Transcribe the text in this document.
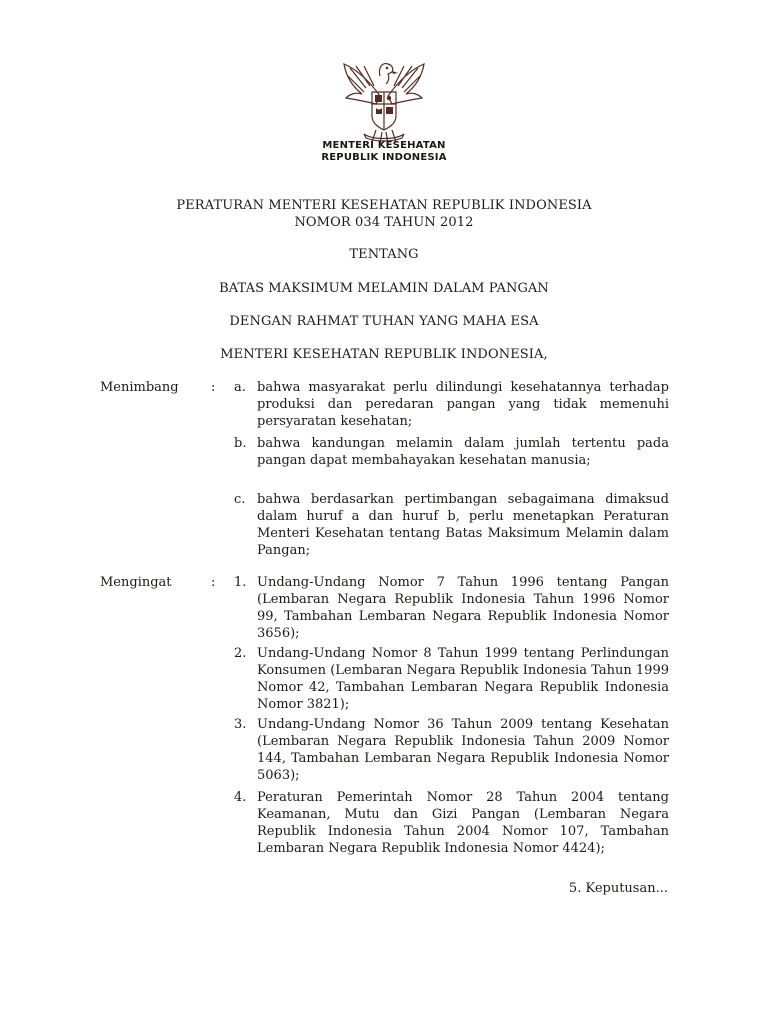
MENTERI KESEHATAN
REPUBLIK INDONESIA
PERATURAN MENTERI KESEHATAN REPUBLIK INDONESIA
NOMOR 034 TAHUN 2012
TENTANG
BATAS MAKSIMUM MELAMIN DALAM PANGAN
DENGAN RAHMAT TUHAN YANG MAHA ESA
MENTERI KESEHATAN REPUBLIK INDONESIA,
Menimbang : a. bahwa masyarakat perlu dilindungi kesehatannya terhadap produksi dan peredaran pangan yang tidak memenuhi persyaratan kesehatan;
b. bahwa kandungan melamin dalam jumlah tertentu pada pangan dapat membahayakan kesehatan manusia;
c. bahwa berdasarkan pertimbangan sebagaimana dimaksud dalam huruf a dan huruf b, perlu menetapkan Peraturan Menteri Kesehatan tentang Batas Maksimum Melamin dalam Pangan;
Mengingat	: 1. Undang-Undang Nomor 7 Tahun 1996 tentang Pangan (Lembaran Negara Republik Indonesia Tahun 1996 Nomor 99, Tambahan Lembaran Negara Republik Indonesia Nomor 3656);
2. Undang-Undang Nomor 8 Tahun 1999 tentang Perlindungan Konsumen (Lembaran Negara Republik Indonesia Tahun 1999 Nomor 42, Tambahan Lembaran Negara Republik Indonesia Nomor 3821);
3. Undang-Undang Nomor 36 Tahun 2009 tentang Kesehatan (Lembaran Negara Republik Indonesia Tahun 2009 Nomor 144, Tambahan Lembaran Negara Republik Indonesia Nomor 5063);
4. Peraturan Pemerintah Nomor 28 Tahun 2004 tentang Keamanan, Mutu dan Gizi Pangan (Lembaran Negara Republik Indonesia Tahun 2004 Nomor 107, Tambahan Lembaran Negara Republik Indonesia Nomor 4424);
5. Keputusan...
